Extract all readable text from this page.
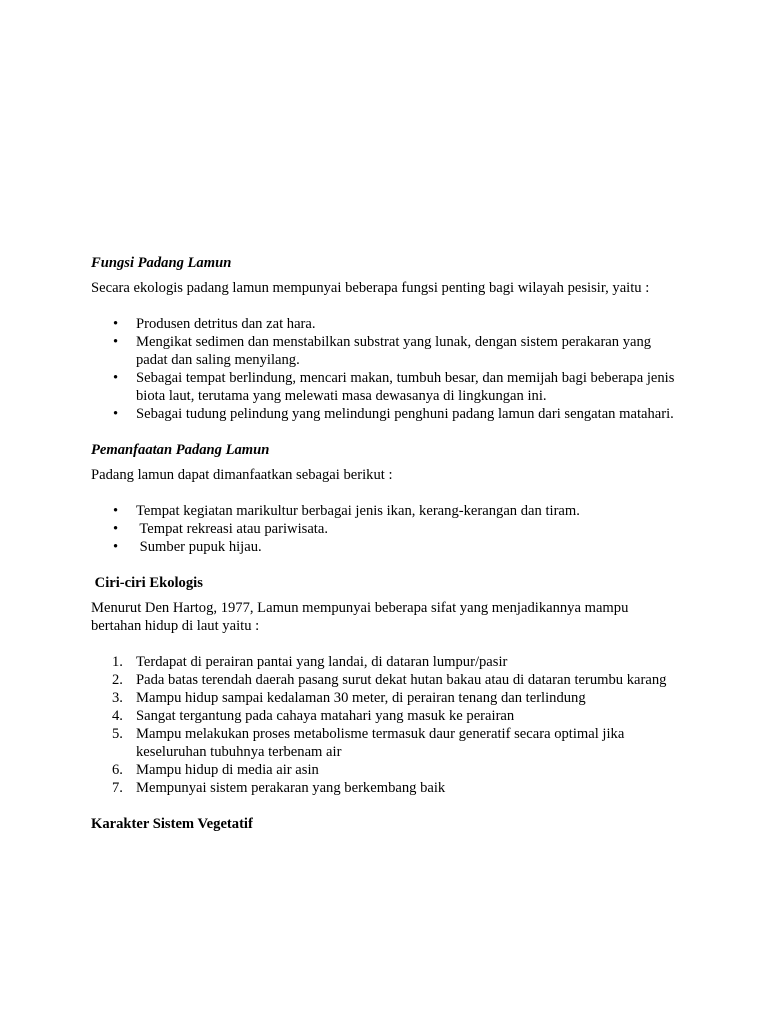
Fungsi Padang Lamun

Secara ekologis padang lamun mempunyai beberapa fungsi penting bagi wilayah pesisir, yaitu :

•	Produsen detritus dan zat hara.
•	Mengikat sedimen dan menstabilkan substrat yang lunak, dengan sistem perakaran yang padat dan saling menyilang.
•	Sebagai tempat berlindung, mencari makan, tumbuh besar, dan memijah bagi beberapa jenis biota laut, terutama yang melewati masa dewasanya di lingkungan ini.
•	Sebagai tudung pelindung yang melindungi penghuni padang lamun dari sengatan matahari.
Pemanfaatan Padang Lamun

Padang lamun dapat dimanfaatkan sebagai berikut :

•	Tempat kegiatan marikultur berbagai jenis ikan, kerang-kerangan dan tiram.
•	Tempat rekreasi atau pariwisata.
•	Sumber pupuk hijau.
Ciri-ciri Ekologis

Menurut Den Hartog, 1977, Lamun mempunyai beberapa sifat yang menjadikannya mampu bertahan hidup di laut yaitu :

1. Terdapat di perairan pantai yang landai, di dataran lumpur/pasir
2. Pada batas terendah daerah pasang surut dekat hutan bakau atau di dataran terumbu karang
3. Mampu hidup sampai kedalaman 30 meter, di perairan tenang dan terlindung
4. Sangat tergantung pada cahaya matahari yang masuk ke perairan
5. Mampu melakukan proses metabolisme termasuk daur generatif secara optimal jika keseluruhan tubuhnya terbenam air
6. Mampu hidup di media air asin
7. Mempunyai sistem perakaran yang berkembang baik
Karakter Sistem Vegetatif
